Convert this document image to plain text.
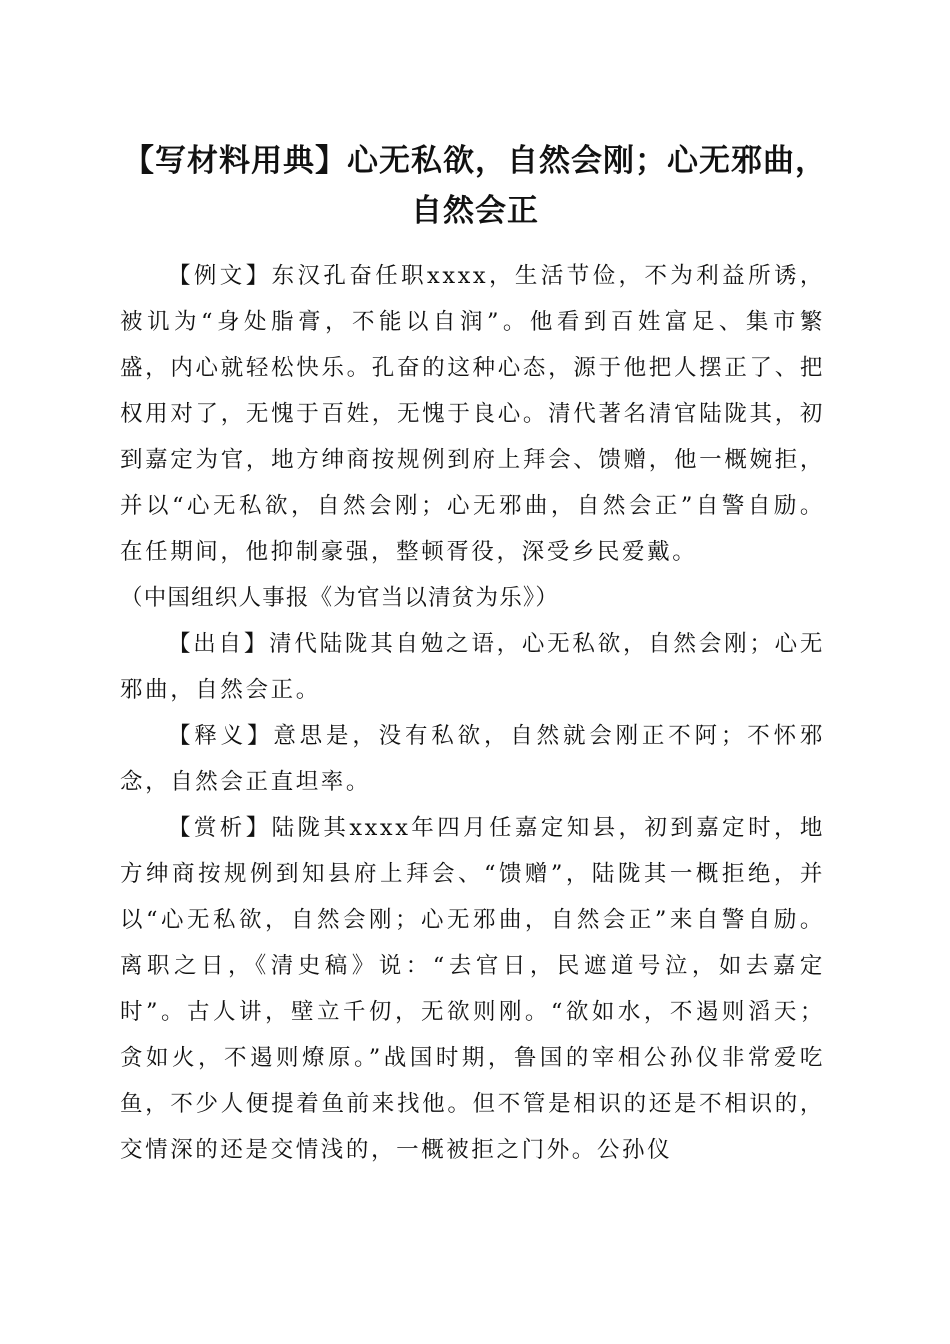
【写材料用典】心无私欲，自然会刚；心无邪曲，自然会正

【例文】东汉孔奋任职xxxx，生活节俭，不为利益所诱，被讥为“身处脂膏，不能以自润”。他看到百姓富足、集市繁盛，内心就轻松快乐。孔奋的这种心态，源于他把人摆正了、把权用对了，无愧于百姓，无愧于良心。清代著名清官陆陇其，初到嘉定为官，地方绅商按规例到府上拜会、馈赠，他一概婉拒，并以“心无私欲，自然会刚；心无邪曲，自然会正”自警自励。在任期间，他抑制豪强，整顿胥役，深受乡民爱戴。

（中国组织人事报《为官当以清贫为乐》）

【出自】清代陆陇其自勉之语，心无私欲，自然会刚；心无邪曲，自然会正。

【释义】意思是，没有私欲，自然就会刚正不阿；不怀邪念，自然会正直坦率。

【赏析】陆陇其xxxx年四月任嘉定知县，初到嘉定时，地方绅商按规例到知县府上拜会、“馈赠”，陆陇其一概拒绝，并以“心无私欲，自然会刚；心无邪曲，自然会正”来自警自励。离职之日，《清史稿》说：“去官日，民遮道号泣，如去嘉定时”。古人讲，壁立千仞，无欲则刚。“欲如水，不遏则滔天；贪如火，不遏则燎原。”战国时期，鲁国的宰相公孙仪非常爱吃鱼，不少人便提着鱼前来找他。但不管是相识的还是不相识的，交情深的还是交情浅的，一概被拒之门外。公孙仪
